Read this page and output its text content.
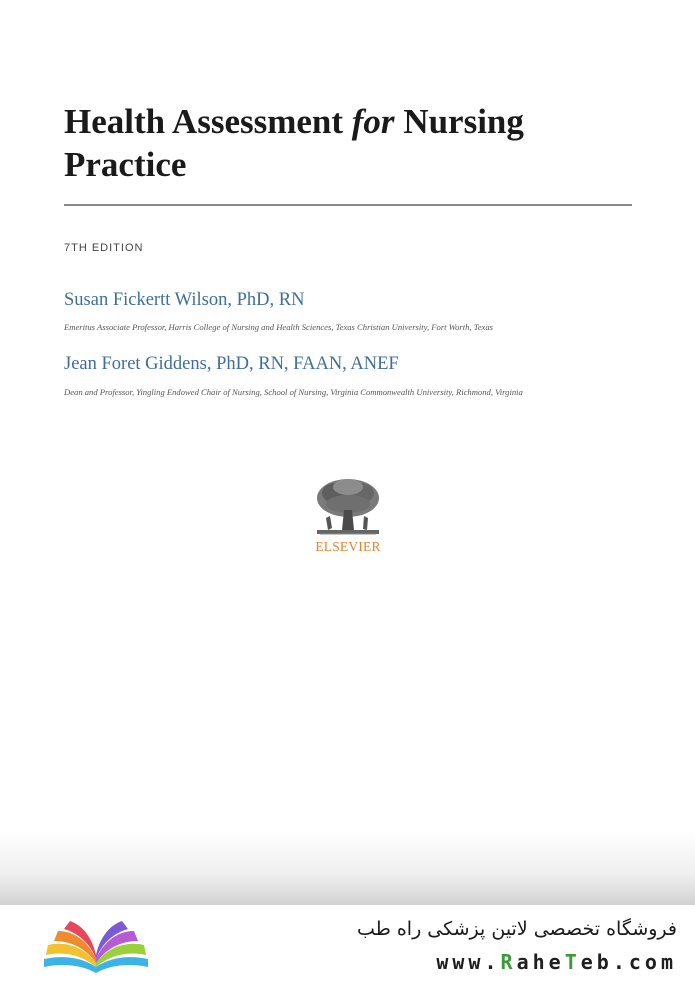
Health Assessment for Nursing
Practice
7TH EDITION
Susan Fickertt Wilson, PhD, RN
Emeritus Associate Professor, Harris College of Nursing and Health Sciences, Texas Christian University, Fort Worth, Texas
Jean Foret Giddens, PhD, RN, FAAN, ANEF
Dean and Professor, Yingling Endowed Chair of Nursing, School of Nursing, Virginia Commonwealth University, Richmond, Virginia
ELSEVIER
فروشگاه تخصصی لاتین پزشکی راه طب
www.RaheTeb.com
